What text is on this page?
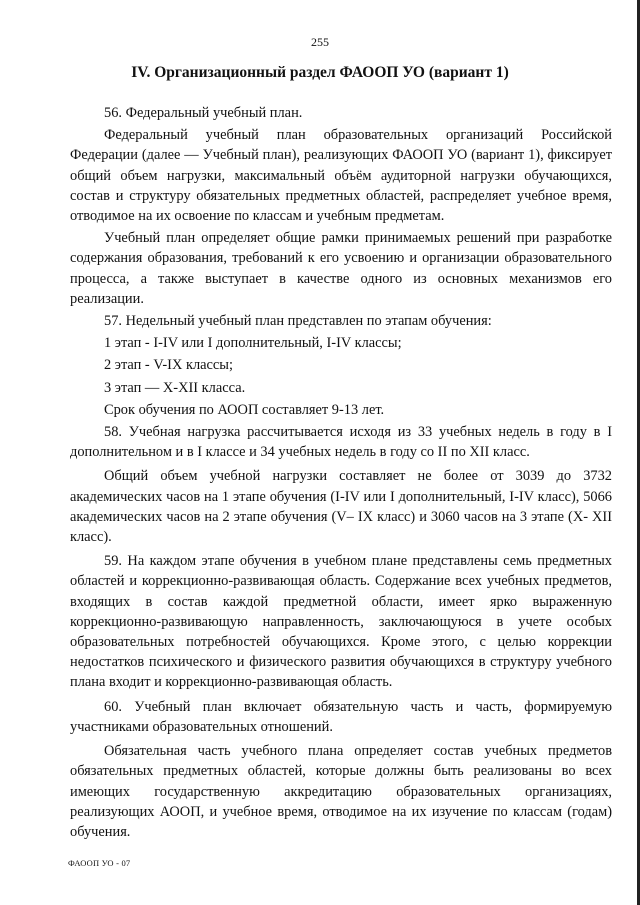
255
IV. Организационный раздел ФАООП УО (вариант 1)

56. Федеральный учебный план.

Федеральный учебный план образовательных организаций Российской Федерации (далее — Учебный план), реализующих ФАООП УО (вариант 1), фиксирует общий объем нагрузки, максимальный объём аудиторной нагрузки обучающихся, состав и структуру обязательных предметных областей, распределяет учебное время, отводимое на их освоение по классам и учебным предметам.

Учебный план определяет общие рамки принимаемых решений при разработке содержания образования, требований к его усвоению и организации образовательного процесса, а также выступает в качестве одного из основных механизмов его реализации.

57. Недельный учебный план представлен по этапам обучения:

1 этап - I-IV или I дополнительный, I-IV классы;

2 этап - V-IX классы;

3 этап — X-XII класса.

Срок обучения по АООП составляет 9-13 лет.

58. Учебная нагрузка рассчитывается исходя из 33 учебных недель в году в I дополнительном и в I классе и 34 учебных недель в году со II по XII класс.

Общий объем учебной нагрузки составляет не более от 3039 до 3732 академических часов на 1 этапе обучения (I-IV или I дополнительный, I-IV класс), 5066 академических часов на 2 этапе обучения (V– IX класс) и 3060 часов на 3 этапе (X- XII класс).

59. На каждом этапе обучения в учебном плане представлены семь предметных областей и коррекционно-развивающая область. Содержание всех учебных предметов, входящих в состав каждой предметной области, имеет ярко выраженную коррекционно-развивающую направленность, заключающуюся в учете особых образовательных потребностей обучающихся. Кроме этого, с целью коррекции недостатков психического и физического развития обучающихся в структуру учебного плана входит и коррекционно-развивающая область.

60. Учебный план включает обязательную часть и часть, формируемую участниками образовательных отношений.

Обязательная часть учебного плана определяет состав учебных предметов обязательных предметных областей, которые должны быть реализованы во всех имеющих государственную аккредитацию образовательных организациях, реализующих АООП, и учебное время, отводимое на их изучение по классам (годам) обучения.

ФАООП УО - 07
